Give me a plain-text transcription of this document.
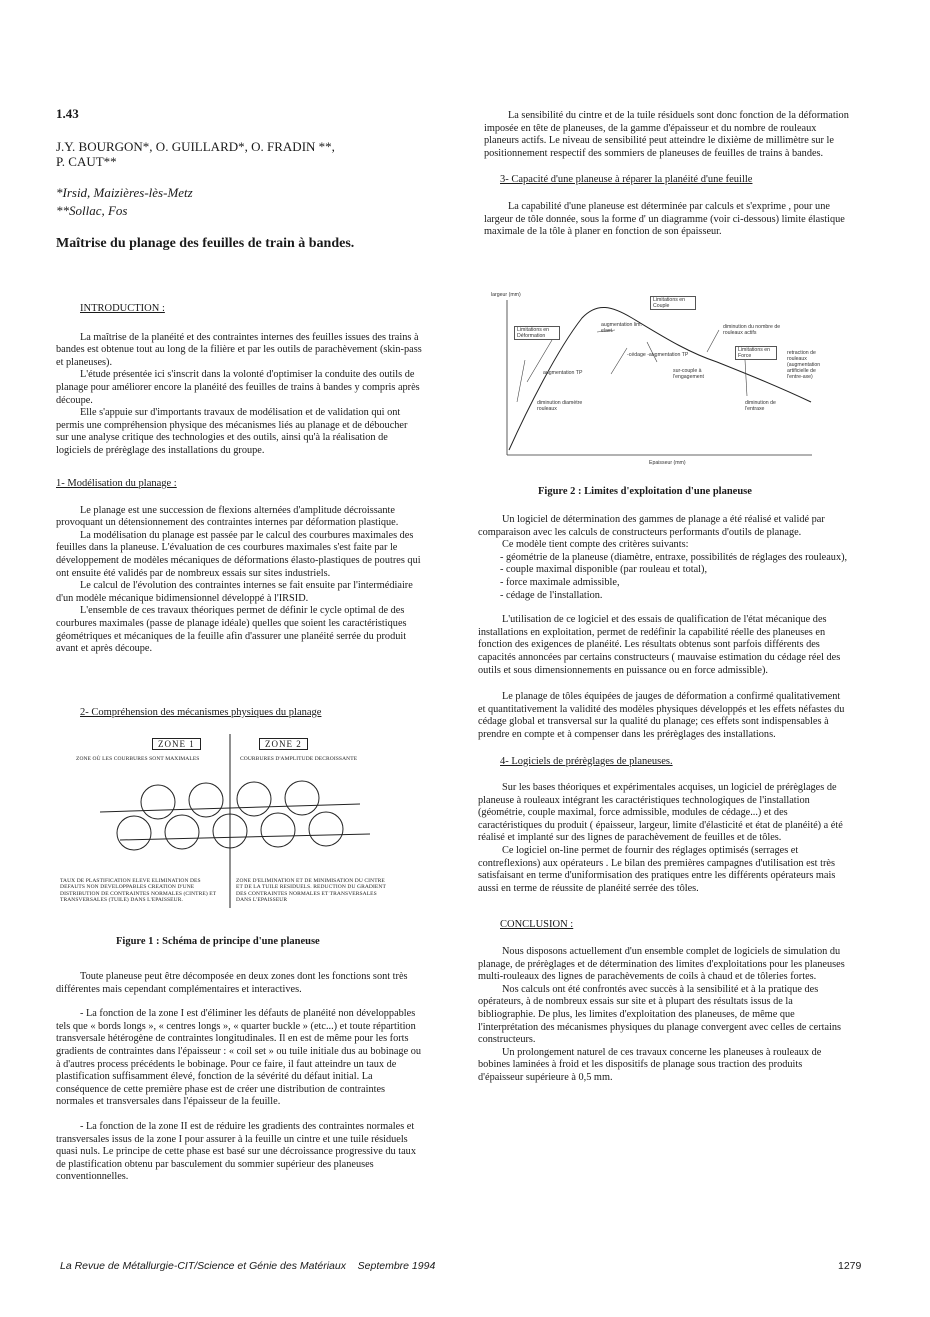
1.43
J.Y. BOURGON*, O. GUILLARD*, O. FRADIN **,
P. CAUT**
*Irsid, Maizières-lès-Metz
**Sollac, Fos
Maîtrise du planage des feuilles de train à bandes.
INTRODUCTION :

La maîtrise de la planéité et des contraintes internes des feuilles issues des trains à bandes est obtenue tout au long de la filière et par les outils de parachèvement (skin-pass et planeuses).

L'étude présentée ici s'inscrit dans la volonté d'optimiser la conduite des outils de planage pour améliorer encore la planéité des feuilles de trains à bandes y compris après découpe.

Elle s'appuie sur d'importants travaux de modélisation et de validation qui ont permis une compréhension physique des mécanismes liés au planage et de déboucher sur une analyse critique des technologies et des outils, ainsi qu'à la réalisation de logiciels de prérèglage des installations du groupe.

1- Modélisation du planage :

Le planage est une succession de flexions alternées d'amplitude décroissante provoquant un détensionnement des contraintes internes par déformation plastique.

La modélisation du planage est passée par le calcul des courbures maximales des feuilles dans la planeuse. L'évaluation de ces courbures maximales s'est faite par le développement de modèles mécaniques de déformations élasto-plastiques de poutres qui ont ensuite été validés par de nombreux essais sur sites industriels.

Le calcul de l'évolution des contraintes internes se fait ensuite par l'intermédiaire d'un modèle mécanique bidimensionnel développé à l'IRSID.

L'ensemble de ces travaux théoriques permet de définir le cycle optimal de des courbures maximales (passe de planage idéale) quelles que soient les caractéristiques géométriques et mécaniques de la feuille afin d'assurer une planéité serrée du produit avant et après découpe.

2- Compréhension des mécanismes physiques du planage
ZONE 1	ZONE 2
ZONE OÙ LES COURBURES SONT MAXIMALES	COURBURES D'AMPLITUDE DECROISSANTE
TAUX DE PLASTIFICATION ELEVE ELIMINATION DES DEFAUTS NON DEVELOPPABLES CREATION D'UNE DISTRIBUTION DE CONTRAINTES NORMALES (CINTRE) ET TRANSVERSALES (TUILE) DANS L'EPAISSEUR.
ZONE D'ELIMINATION ET DE MINIMISATION DU CINTRE ET DE LA TUILE RESIDUELS. REDUCTION DU GRADIENT DES CONTRAINTES NORMALES ET TRANSVERSALES DANS L'EPAISSEUR
Figure 1 : Schéma de principe d'une planeuse

Toute planeuse peut être décomposée en deux zones dont les fonctions sont très différentes mais cependant complémentaires et interactives.

- La fonction de la zone I est d'éliminer les défauts de planéité non développables tels que « bords longs », « centres longs », « quarter buckle » (etc...) et toute répartition transversale hétérogène de contraintes longitudinales. Il en est de même pour les forts gradients de contraintes dans l'épaisseur : « coil set » ou tuile initiale dus au bobinage ou à d'autres process précédents le bobinage. Pour ce faire, il faut atteindre un taux de plastification suffisamment élevé, fonction de la sévérité du défaut initial. La conséquence de cette première phase est de créer une distribution de contraintes normales et transversales dans l'épaisseur de la feuille.

- La fonction de la zone II est de réduire les gradients des contraintes normales et transversales issus de la zone I pour assurer à la feuille un cintre et une tuile résiduels quasi nuls. Le principe de cette phase est basé sur une décroissance progressive du taux de plastification obtenu par basculement du sommier supérieur des planeuses conventionnelles.

La sensibilité du cintre et de la tuile résiduels sont donc fonction de la déformation imposée en tête de planeuses, de la gamme d'épaisseur et du nombre de rouleaux planeurs actifs. Le niveau de sensibilité peut atteindre le dixième de millimètre sur le positionnement respectif des sommiers de planeuses de feuilles de trains à bandes.

3- Capacité d'une planeuse à réparer la planéité d'une feuille

La capabilité d'une planeuse est déterminée par calculs et s'exprime , pour une largeur de tôle donnée, sous la forme d' un diagramme (voir ci-dessous) limite élastique maximale de la tôle à planer en fonction de son épaisseur.

largeur (mm)
Epaisseur (mm)
Limitations en Déformation
Limitations en Couple
Limitations en Force
augmentation lim. elast.
augmentation TP
diminution diamètre rouleaux
-cédage -augmentation TP
sur-couple à l'engagement
diminution du nombre de rouleaux actifs
retraction de rouleaux (augmentation artificielle de l'entre-axe)
diminution de l'entraxe
Figure 2 : Limites d'exploitation d'une planeuse

Un logiciel de détermination des gammes de planage a été réalisé et validé par comparaison avec les calculs de constructeurs performants d'outils de planage.

Ce modèle tient compte des critères suivants:

- géométrie de la planeuse (diamètre, entraxe, possibilités de réglages des rouleaux),

- couple maximal disponible (par rouleau et total),

- force maximale admissible,

- cédage de l'installation.

L'utilisation de ce logiciel et des essais de qualification de l'état mécanique des installations en exploitation, permet de redéfinir la capabilité réelle des planeuses en fonction des exigences de planéité. Les résultats obtenus sont parfois différents des capacités annoncées par certains constructeurs ( mauvaise estimation du cédage réel des outils et sous dimensionnements en puissance ou en force admissible).

Le planage de tôles équipées de jauges de déformation a confirmé qualitativement et quantitativement la validité des modèles physiques développés et les effets néfastes du cédage global et transversal sur la qualité du planage; ces effets sont indispensables à prendre en compte et à compenser dans les prérèglages des installations.

4- Logiciels de prérèglages de planeuses.

Sur les bases théoriques et expérimentales acquises, un logiciel de prérèglages de planeuse à rouleaux intégrant les caractéristiques technologiques de l'installation (géométrie, couple maximal, force admissible, modules de cédage...) et des caractéristiques du produit ( épaisseur, largeur, limite d'élasticité et état de planéité) a été réalisé et implanté sur des lignes de parachèvement de feuilles et de tôles.

Ce logiciel on-line permet de fournir des réglages optimisés (serrages et contreflexions) aux opérateurs . Le bilan des premières campagnes d'utilisation est très satisfaisant en terme d'uniformisation des pratiques entre les différents opérateurs mais aussi en terme de réussite de planéité serrée des tôles.

CONCLUSION :

Nous disposons actuellement d'un ensemble complet de logiciels de simulation du planage, de prérèglages et de détermination des limites d'exploitations pour les planeuses multi-rouleaux des lignes de parachèvements de coils à chaud et de tôleries fortes.

Nos calculs ont été confrontés avec succès à la sensibilité et à la pratique des opérateurs, à de nombreux essais sur site et à plupart des résultats issus de la bibliographie. De plus, les limites d'exploitation des planeuses, de même que l'interprétation des mécanismes physiques du planage convergent avec celles de certains constructeurs.

Un prolongement naturel de ces travaux concerne les planeuses à rouleaux de bobines laminées à froid et les dispositifs de planage sous traction des produits d'épaisseur supérieure à 0,5 mm.

La Revue de Métallurgie-CIT/Science et Génie des Matériaux    Septembre 1994	1279
